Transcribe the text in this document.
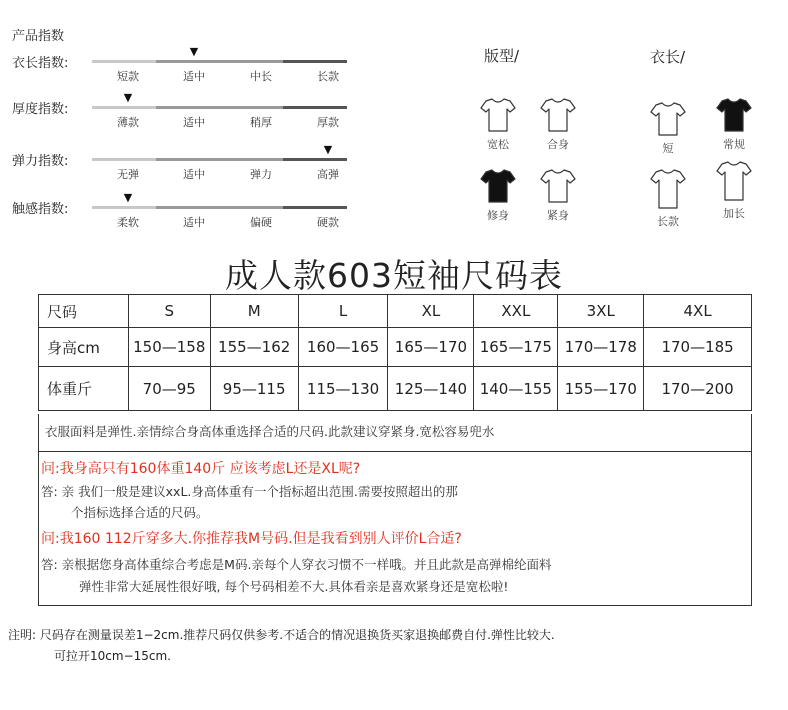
产品指数
衣长指数:
▼
短款	适中	中长	长款
厚度指数:
▼
薄款	适中	稍厚	厚款
弹力指数:
▼
无弹	适中	弹力	高弹
触感指数:
▼
柔软	适中	偏硬	硬款
版型/	衣长/
宽松	合身
修身	紧身
短	常规
长款
加长
成人款603短袖尺码表
尺码	S	M	L	XL	XXL	3XL	4XL
身高cm	150—158	155—162	160—165	165—170	165—175	170—178	170—185
体重斤	70—95	95—115	115—130	125—140	140—155	155—170	170—200
衣服面料是弹性.亲情综合身高体重选择合适的尺码.此款建议穿紧身.宽松容易兜水
问:我身高只有160体重140斤 应该考虑L还是XL呢?
答: 亲 我们一般是建议xxL.身高体重有一个指标超出范围.需要按照超出的那
个指标选择合适的尺码。
问:我160 112斤穿多大.你推荐我M号码.但是我看到别人评价L合适?
答: 亲根据您身高体重综合考虑是M码.亲每个人穿衣习惯不一样哦。并且此款是高弹棉纶面料
弹性非常大延展性很好哦, 每个号码相差不大.具体看亲是喜欢紧身还是宽松啦!
注明: 尺码存在测量误差1−2cm.推荐尺码仅供参考.不适合的情况退换货买家退换邮费自付.弹性比较大.
可拉开10cm−15cm.
